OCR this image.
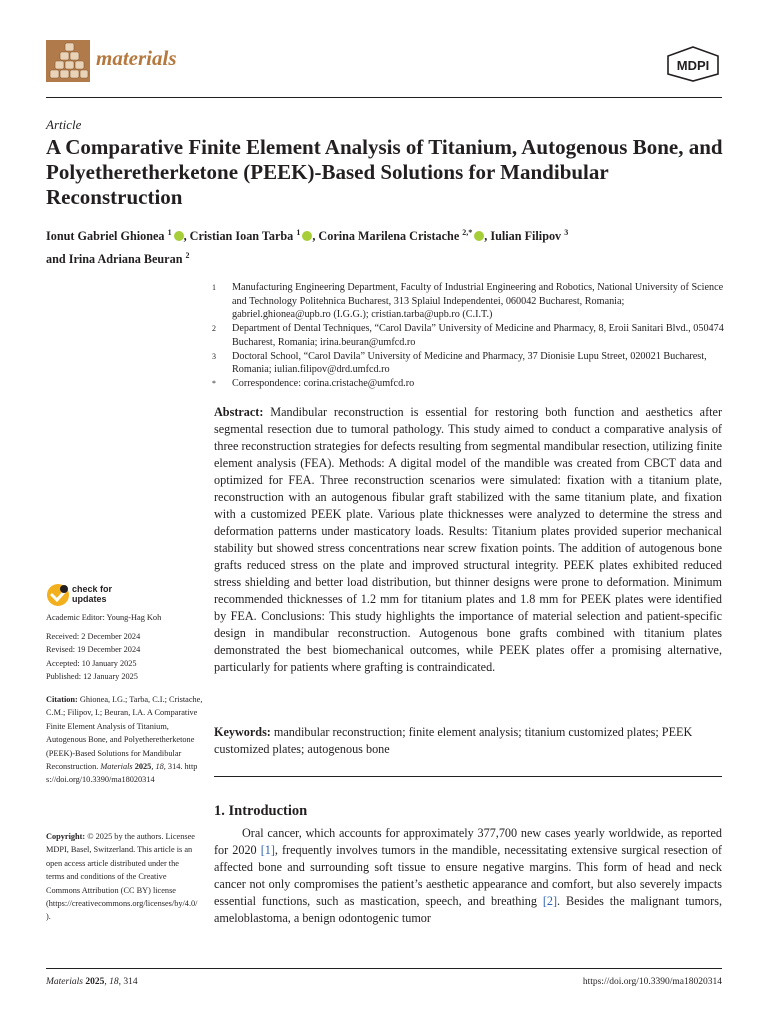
materials	MDPI
Article
A Comparative Finite Element Analysis of Titanium, Autogenous Bone, and Polyetheretherketone (PEEK)-Based Solutions for Mandibular Reconstruction
Ionut Gabriel Ghionea $^1$ , Cristian Ioan Tarba $^1$ , Corina Marilena Cristache $^{2,*}$ , Iulian Filipov $^3$
and Irina Adriana Beuran $^2$
1	Manufacturing Engineering Department, Faculty of Industrial Engineering and Robotics, National University of Science and Technology Politehnica Bucharest, 313 Splaiul Independentei, 060042 Bucharest, Romania; gabriel.ghionea@upb.ro (I.G.G.); cristian.tarba@upb.ro (C.I.T.)
2	Department of Dental Techniques, “Carol Davila” University of Medicine and Pharmacy, 8, Eroii Sanitari Blvd., 050474 Bucharest, Romania; irina.beuran@umfcd.ro
3	Doctoral School, “Carol Davila” University of Medicine and Pharmacy, 37 Dionisie Lupu Street, 020021 Bucharest, Romania; iulian.filipov@drd.umfcd.ro
*	Correspondence: corina.cristache@umfcd.ro
Abstract: Mandibular reconstruction is essential for restoring both function and aesthetics after segmental resection due to tumoral pathology. This study aimed to conduct a comparative analysis of three reconstruction strategies for defects resulting from segmental mandibular resection, utilizing finite element analysis (FEA). Methods: A digital model of the mandible was created from CBCT data and optimized for FEA. Three reconstruction scenarios were simulated: fixation with a titanium plate, reconstruction with an autogenous fibular graft stabilized with the same titanium plate, and fixation with a customized PEEK plate. Various plate thicknesses were analyzed to determine the stress and deformation patterns under masticatory loads. Results: Titanium plates provided superior mechanical stability but showed stress concentrations near screw fixation points. The addition of autogenous bone grafts reduced stress on the plate and improved structural integrity. PEEK plates exhibited reduced stress shielding and better load distribution, but thinner designs were prone to deformation. Minimum recommended thicknesses of 1.2 mm for titanium plates and 1.8 mm for PEEK plates were identified by FEA. Conclusions: This study highlights the importance of material selection and patient-specific design in mandibular reconstruction. Autogenous bone grafts combined with titanium plates demonstrated the best biomechanical outcomes, while PEEK plates offer a promising alternative, particularly for patients where grafting is contraindicated.
Keywords: mandibular reconstruction; finite element analysis; titanium customized plates; PEEK customized plates; autogenous bone
1. Introduction
Oral cancer, which accounts for approximately 377,700 new cases yearly worldwide, as reported for 2020 [1], frequently involves tumors in the mandible, necessitating extensive surgical resection of affected bone and surrounding soft tissue to ensure negative margins. This form of head and neck cancer not only compromises the patient’s aesthetic appearance and comfort, but also severely impacts essential functions, such as mastication, speech, and breathing [2]. Besides the malignant tumors, ameloblastoma, a benign odontogenic tumor
check for
updates
Academic Editor: Young-Hag Koh
Received: 2 December 2024
Revised: 19 December 2024
Accepted: 10 January 2025
Published: 12 January 2025
Citation: Ghionea, I.G.; Tarba, C.I.; Cristache, C.M.; Filipov, I.; Beuran, I.A. A Comparative Finite Element Analysis of Titanium, Autogenous Bone, and Polyetheretherketone (PEEK)-Based Solutions for Mandibular Reconstruction. Materials 2025, 18, 314. https://doi.org/10.3390/ma18020314
Copyright: © 2025 by the authors. Licensee MDPI, Basel, Switzerland. This article is an open access article distributed under the terms and conditions of the Creative Commons Attribution (CC BY) license (https://creativecommons.org/licenses/by/4.0/).
Materials 2025, 18, 314	https://doi.org/10.3390/ma18020314
